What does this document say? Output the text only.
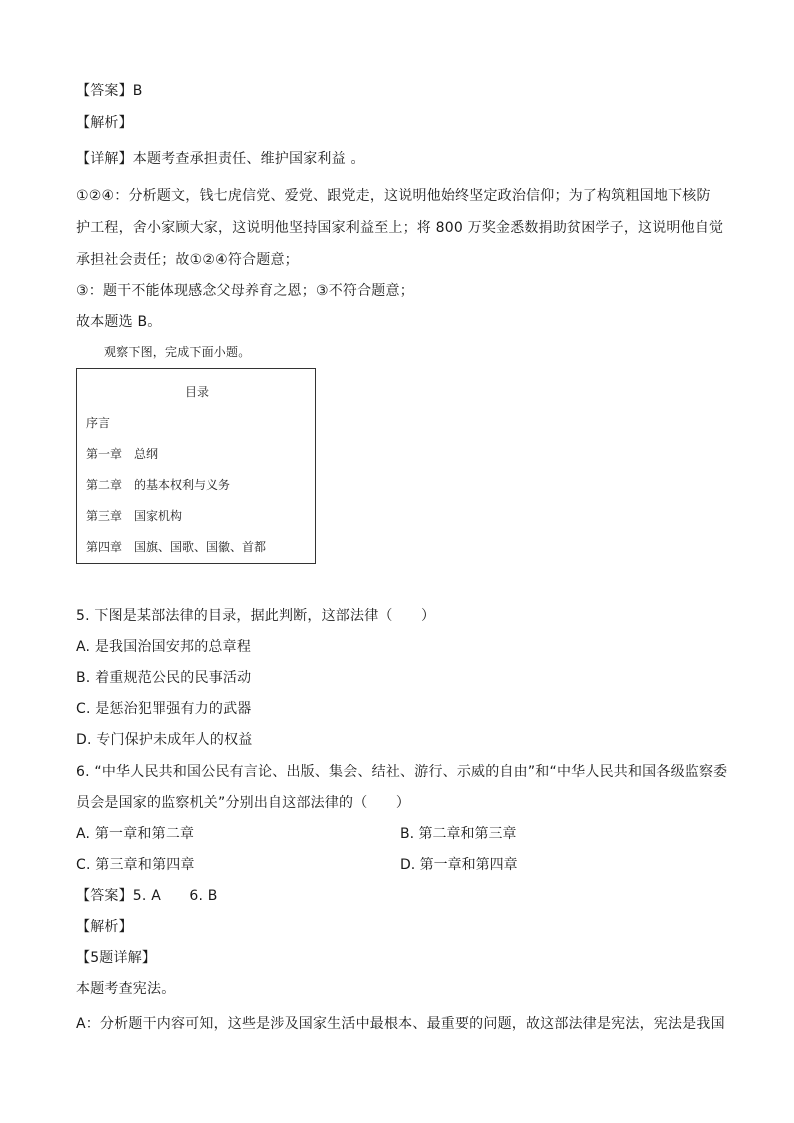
【答案】B
【解析】
【详解】本题考查承担责任、维护国家利益 。
①②④：分析题文，钱七虎信党、爱党、跟党走，这说明他始终坚定政治信仰；为了构筑粗国地下核防
护工程，舍小家顾大家，这说明他坚持国家利益至上；将 800 万奖金悉数捐助贫困学子，这说明他自觉
承担社会责任；故①②④符合题意；
③：题干不能体现感念父母养育之恩；③不符合题意；
故本题选 B。
观察下图，完成下面小题。
目录
序言
第一章　总纲
第二章　的基本权利与义务
第三章　国家机构
第四章　国旗、国歌、国徽、首都
5. 下图是某部法律的目录，据此判断，这部法律（　　）
A. 是我国治国安邦的总章程
B. 着重规范公民的民事活动
C. 是惩治犯罪强有力的武器
D. 专门保护未成年人的权益
6. “中华人民共和国公民有言论、出版、集会、结社、游行、示威的自由”和“中华人民共和国各级监察委
员会是国家的监察机关”分别出自这部法律的（　　）
A. 第一章和第二章	B. 第二章和第三章
C. 第三章和第四章	D. 第一章和第四章
【答案】5. A　　6. B
【解析】
【5题详解】
本题考查宪法。
A：分析题干内容可知，这些是涉及国家生活中最根本、最重要的问题，故这部法律是宪法，宪法是我国
